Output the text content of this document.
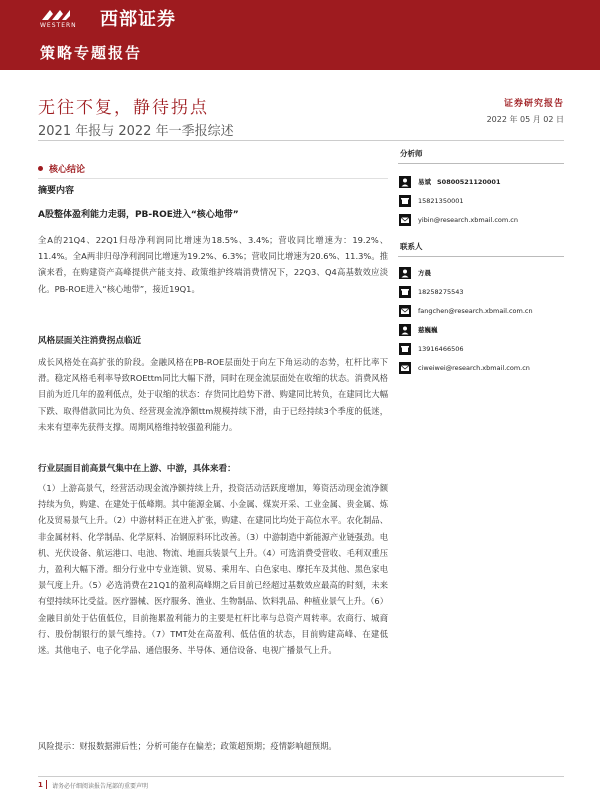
WESTERN 西部证券
策略专题报告
无往不复，静待拐点
2021 年报与 2022 年一季报综述
证券研究报告
2022 年 05 月 02 日
核心结论
摘要内容
A股整体盈利能力走弱，PB-ROE进入“核心地带”
全A的21Q4、22Q1归母净利润同比增速为18.5%、3.4%；营收同比增速为：19.2%、11.4%。全A两非归母净利润同比增速为19.2%、6.3%；营收同比增速为20.6%、11.3%。推演来看，在购建资产高峰提供产能支持、政策维护终端消费情况下，22Q3、Q4高基数效应淡化。PB-ROE进入“核心地带”，接近19Q1。
风格层面关注消费拐点临近
成长风格处在高扩张的阶段。金融风格在PB-ROE层面处于向左下角运动的态势，杠杆比率下滑。稳定风格毛利率导致ROEttm同比大幅下滑，同时在现金流层面处在收缩的状态。消费风格目前为近几年的盈利低点，处于収缩的状态：存货同比趋势下滑、购建同比转负，在建同比大幅下跌、取得借款同比为负、经营现金流净额ttm规模持续下滑，由于已经持续3个季度的低迷，未来有望率先获得支撑。周期风格维持较强盈利能力。
行业层面目前高景气集中在上游、中游，具体来看：
（1）上游高景气，经营活动现金流净额持续上升，投资活动活跃度增加，筹资活动现金流净额持续为负，购建、在建处于低峰期。其中能源金属、小金属、煤炭开采、工业金属、贵金属、炼化及贸易景气上升。（2）中游材料正在进入扩张，购建、在建同比均处于高位水平。农化制品、非金属材料、化学制品、化学原料、冶钢原料环比改善。（3）中游制造中新能源产业链强劲。电机、光伏设备、航运港口、电池、物流、地面兵装景气上升。（4）可选消费受营收、毛利双重压力，盈利大幅下滑。细分行业中专业连锁、贸易、乘用车、白色家电、摩托车及其他、黑色家电景气度上升。（5）必选消费在21Q1的盈利高峰期之后目前已经超过基数效应最高的时刻，未来有望持续环比受益。医疗器械、医疗服务、渔业、生物制品、饮料乳品、种植业景气上升。（6）金融目前处于估值低位，目前拖累盈利能力的主要是杠杆比率与总资产周转率。农商行、城商行、股份制银行的景气维持。（7）TMT处在高盈利、低估值的状态，目前购建高峰、在建低迷。其他电子、电子化学品、通信服务、半导体、通信设备、电视广播景气上升。
风险提示：财报数据滞后性；分析可能存在偏差；政策超预期；疫情影响超预期。
分析师
易斌 S0800521120001
15821350001
yibin@research.xbmail.com.cn
联系人
方晨
18258275543
fangchen@research.xbmail.com.cn
慈巍巍
13916466506
ciweiwei@research.xbmail.com.cn
1 请务必仔细阅读报告尾部的重要声明
